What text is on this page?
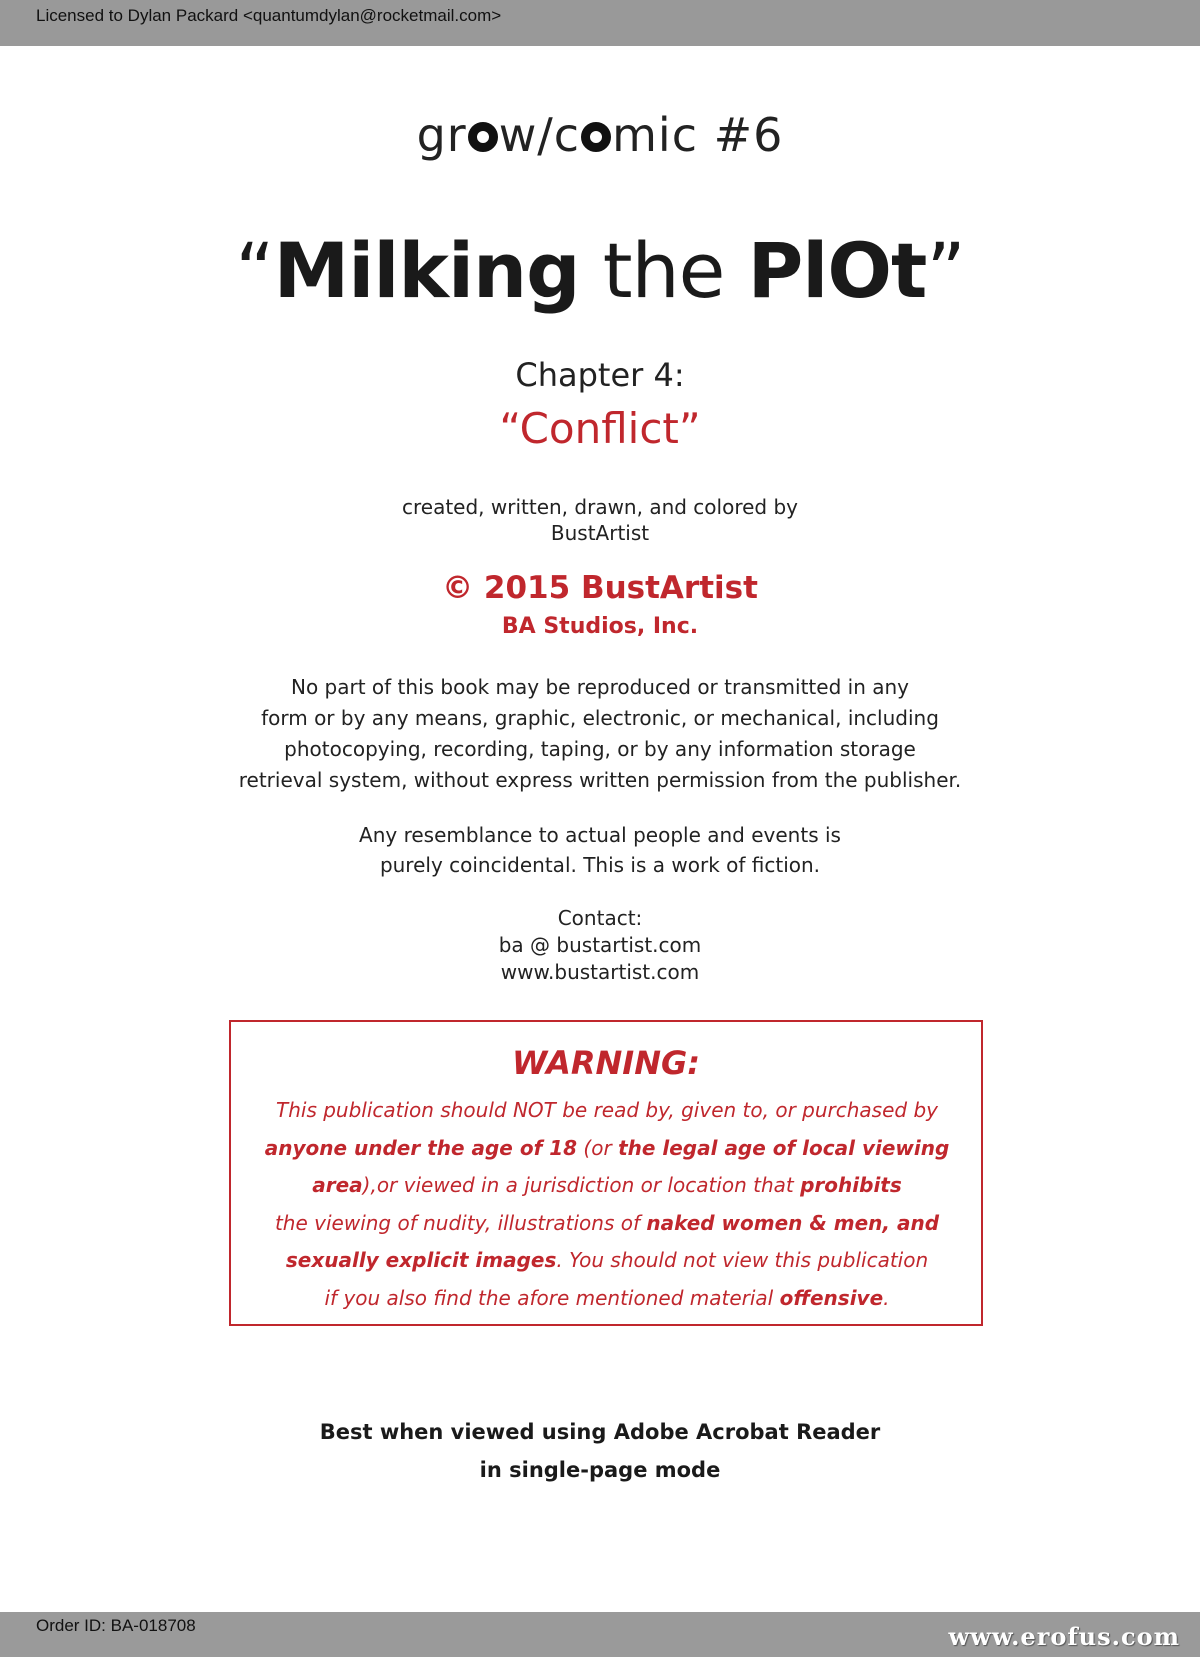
Licensed to Dylan Packard <quantumdylan@rocketmail.com>
gr w/c mic #6
“Milking the PlOt”
Chapter 4:
“Conflict”
created, written, drawn, and colored by
BustArtist
© 2015 BustArtist
BA Studios, Inc.
No part of this book may be reproduced or transmitted in any
form or by any means, graphic, electronic, or mechanical, including
photocopying, recording, taping, or by any information storage
retrieval system, without express written permission from the publisher.
Any resemblance to actual people and events is
purely coincidental. This is a work of fiction.
Contact:
ba @ bustartist.com
www.bustartist.com
WARNING:
This publication should NOT be read by, given to, or purchased by
anyone under the age of 18 (or the legal age of local viewing
area),or viewed in a jurisdiction or location that prohibits
the viewing of nudity, illustrations of naked women & men, and
sexually explicit images. You should not view this publication
if you also find the afore mentioned material offensive.
Best when viewed using Adobe Acrobat Reader
in single-page mode
Order ID: BA-018708	www.erofus.com
